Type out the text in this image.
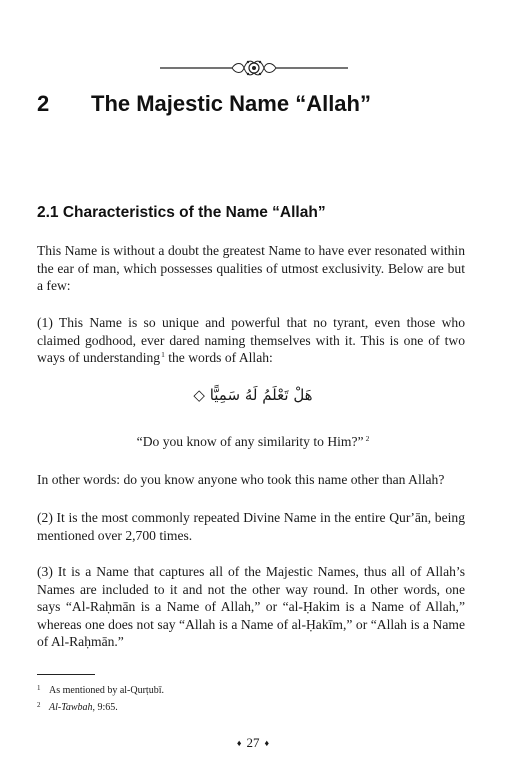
2 The Majestic Name “Allah”
2.1 Characteristics of the Name “Allah”

This Name is without a doubt the greatest Name to have ever resonated within the ear of man, which possesses qualities of utmost exclusivity. Below are but a few:

(1) This Name is so unique and powerful that no tyrant, even those who claimed godhood, ever dared naming themselves with it. This is one of two ways of understanding$^1$ the words of Allah:

هَلْ تَعْلَمُ لَهُ سَمِيًّا ◇
“Do you know of any similarity to Him?” $^2$

In other words: do you know anyone who took this name other than Allah?

(2) It is the most commonly repeated Divine Name in the entire Qurʼān, being mentioned over 2,700 times.

(3) It is a Name that captures all of the Majestic Names, thus all of Allah’s Names are included to it and not the other way round. In other words, one says “Al-Raḥmān is a Name of Allah,” or “al-Ḥakim is a Name of Allah,” whereas one does not say “Allah is a Name of al-Ḥakīm,” or “Allah is a Name of Al-Raḥmān.”

1 As mentioned by al-Qurṭubī.
2 Al-Tawbah, 9:65.
♦ 27 ♦
